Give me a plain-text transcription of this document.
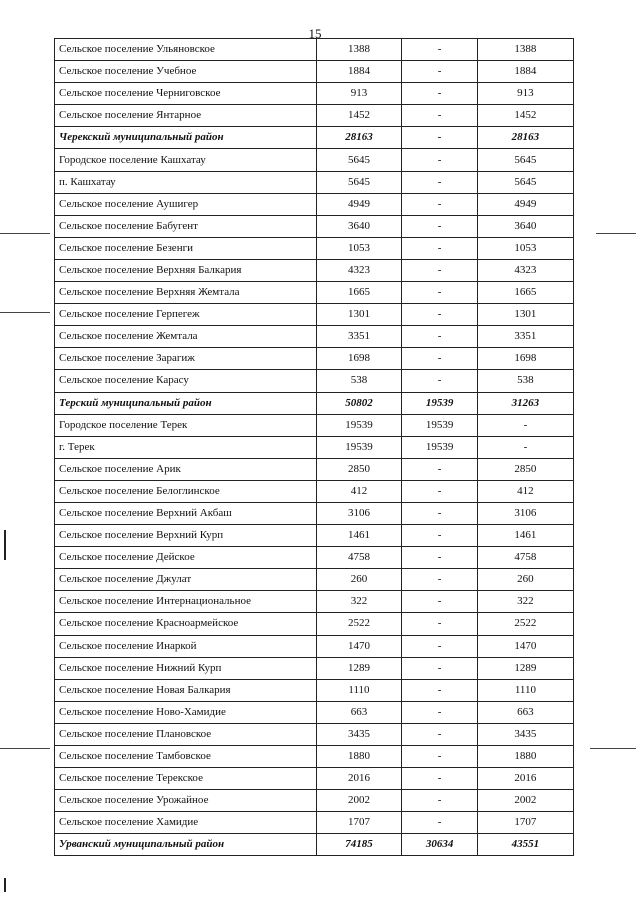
15
Сельское поселение Ульяновское	1388	-	1388
Сельское поселение Учебное	1884	-	1884
Сельское поселение Черниговское	913	-	913
Сельское поселение Янтарное	1452	-	1452
Черекский муниципальный район	28163	-	28163
Городское поселение Кашхатау	5645	-	5645
п. Кашхатау	5645	-	5645
Сельское поселение Аушигер	4949	-	4949
Сельское поселение Бабугент	3640	-	3640
Сельское поселение Безенги	1053	-	1053
Сельское поселение Верхняя Балкария	4323	-	4323
Сельское поселение Верхняя Жемтала	1665	-	1665
Сельское поселение Герпегеж	1301	-	1301
Сельское поселение Жемтала	3351	-	3351
Сельское поселение Зарагиж	1698	-	1698
Сельское поселение Карасу	538	-	538
Терский муниципальный район	50802	19539	31263
Городское поселение Терек	19539	19539	-
г. Терек	19539	19539	-
Сельское поселение Арик	2850	-	2850
Сельское поселение Белоглинское	412	-	412
Сельское поселение Верхний Акбаш	3106	-	3106
Сельское поселение Верхний Курп	1461	-	1461
Сельское поселение Дейское	4758	-	4758
Сельское поселение Джулат	260	-	260
Сельское поселение Интернациональное	322	-	322
Сельское поселение Красноармейское	2522	-	2522
Сельское поселение Инаркой	1470	-	1470
Сельское поселение Нижний Курп	1289	-	1289
Сельское поселение Новая Балкария	1110	-	1110
Сельское поселение Ново-Хамидие	663	-	663
Сельское поселение Плановское	3435	-	3435
Сельское поселение Тамбовское	1880	-	1880
Сельское поселение Терекское	2016	-	2016
Сельское поселение Урожайное	2002	-	2002
Сельское поселение Хамидие	1707	-	1707
Урванский муниципальный район	74185	30634	43551
